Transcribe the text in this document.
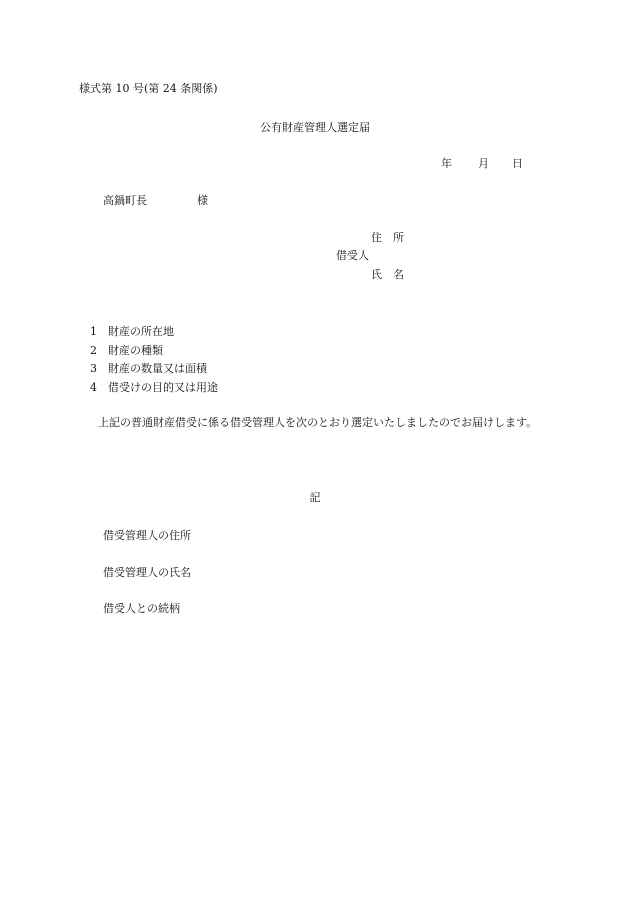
様式第 10 号(第 24 条関係)
公有財産管理人選定届
年 月 日
高鍋町長	様
住　所
借受人
氏　名
1	財産の所在地
2	財産の種類
3	財産の数量又は面積
4	借受けの目的又は用途
上記の普通財産借受に係る借受管理人を次のとおり選定いたしましたのでお届けします。
記
借受管理人の住所
借受管理人の氏名
借受人との続柄
